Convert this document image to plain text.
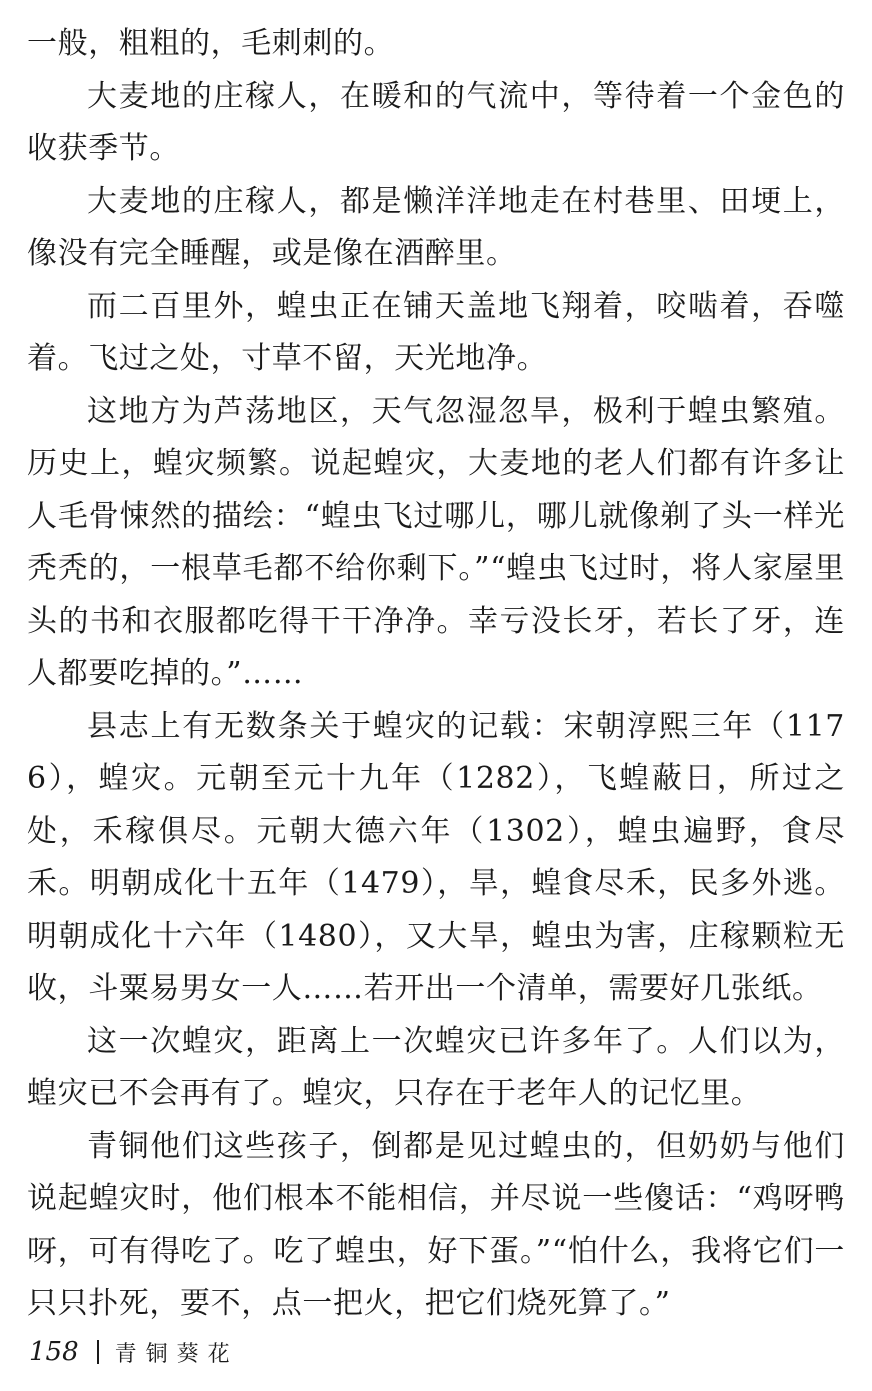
一般，粗粗的，毛刺刺的。

大麦地的庄稼人，在暖和的气流中，等待着一个金色的收获季节。

大麦地的庄稼人，都是懒洋洋地走在村巷里、田埂上，像没有完全睡醒，或是像在酒醉里。

而二百里外，蝗虫正在铺天盖地飞翔着，咬啮着，吞噬着。飞过之处，寸草不留，天光地净。

这地方为芦荡地区，天气忽湿忽旱，极利于蝗虫繁殖。历史上，蝗灾频繁。说起蝗灾，大麦地的老人们都有许多让人毛骨悚然的描绘：“蝗虫飞过哪儿，哪儿就像剃了头一样光秃秃的，一根草毛都不给你剩下。”“蝗虫飞过时，将人家屋里头的书和衣服都吃得干干净净。幸亏没长牙，若长了牙，连人都要吃掉的。”……

县志上有无数条关于蝗灾的记载：宋朝淳熙三年（1176），蝗灾。元朝至元十九年（1282），飞蝗蔽日，所过之处，禾稼俱尽。元朝大德六年（1302），蝗虫遍野，食尽禾。明朝成化十五年（1479），旱，蝗食尽禾，民多外逃。明朝成化十六年（1480），又大旱，蝗虫为害，庄稼颗粒无收，斗粟易男女一人……若开出一个清单，需要好几张纸。

这一次蝗灾，距离上一次蝗灾已许多年了。人们以为，蝗灾已不会再有了。蝗灾，只存在于老年人的记忆里。

青铜他们这些孩子，倒都是见过蝗虫的，但奶奶与他们说起蝗灾时，他们根本不能相信，并尽说一些傻话：“鸡呀鸭呀，可有得吃了。吃了蝗虫，好下蛋。”“怕什么，我将它们一只只扑死，要不，点一把火，把它们烧死算了。”

158 青铜葵花
